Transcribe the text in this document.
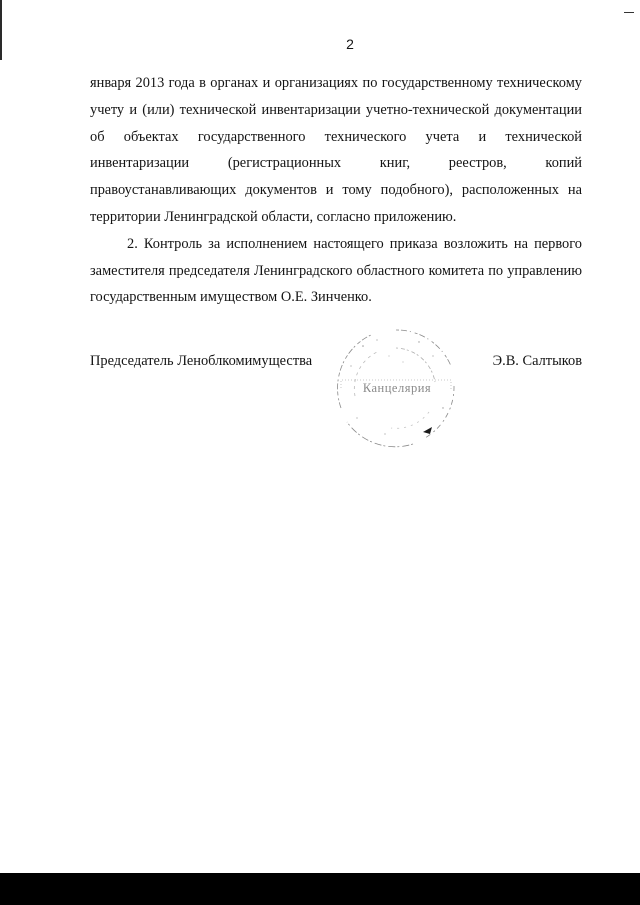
2

января 2013 года в органах и организациях по государственному техническому учету и (или) технической инвентаризации учетно-технической документации об объектах государственного технического учета и технической инвентаризации (регистрационных книг, реестров, копий правоустанавливающих документов и тому подобного), расположенных на территории Ленинградской области, согласно приложению.

2. Контроль за исполнением настоящего приказа возложить на первого заместителя председателя Ленинградского областного комитета по управлению государственным имуществом О.Е. Зинченко.

Председатель Леноблкомимущества	Э.В. Салтыков
Канцелярия
